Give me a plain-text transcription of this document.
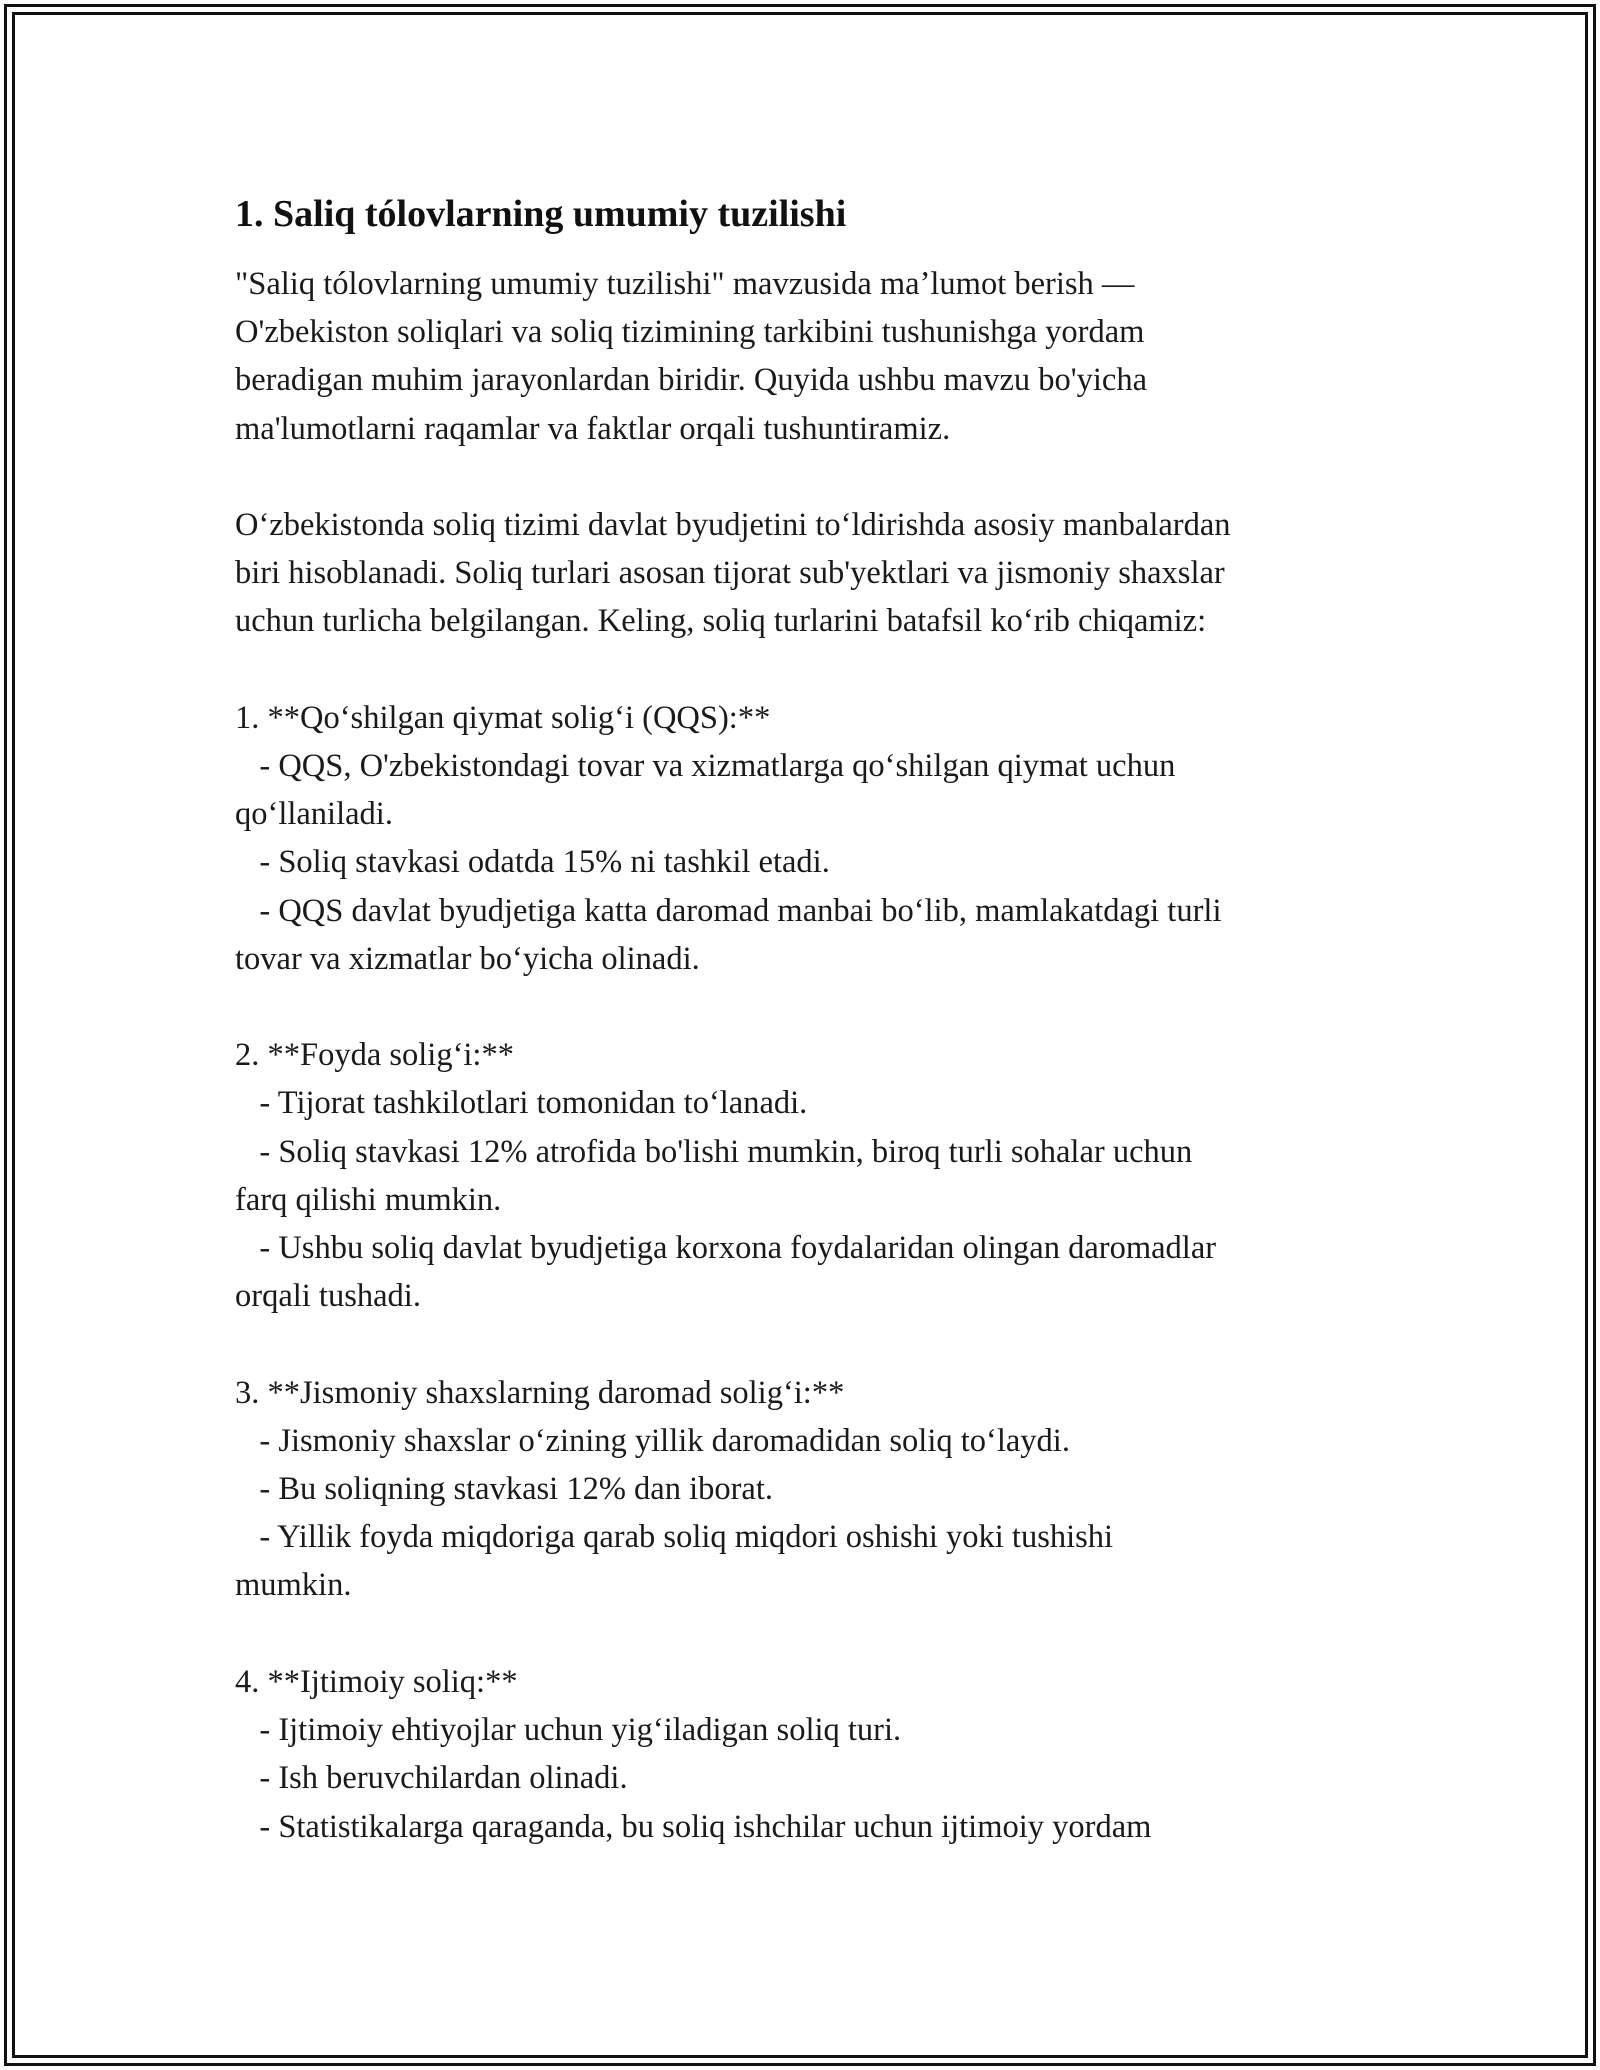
1. Saliq tólovlarning umumiy tuzilishi

"Saliq tólovlarning umumiy tuzilishi" mavzusida maʼlumot berish —
O'zbekiston soliqlari va soliq tizimining tarkibini tushunishga yordam
beradigan muhim jarayonlardan biridir. Quyida ushbu mavzu bo'yicha
ma'lumotlarni raqamlar va faktlar orqali tushuntiramiz.

Oʻzbekistonda soliq tizimi davlat byudjetini toʻldirishda asosiy manbalardan
biri hisoblanadi. Soliq turlari asosan tijorat sub'yektlari va jismoniy shaxslar
uchun turlicha belgilangan. Keling, soliq turlarini batafsil koʻrib chiqamiz:

1. **Qoʻshilgan qiymat soligʻi (QQS):**
- QQS, O'zbekistondagi tovar va xizmatlarga qoʻshilgan qiymat uchun
qoʻllaniladi.
- Soliq stavkasi odatda 15% ni tashkil etadi.
- QQS davlat byudjetiga katta daromad manbai boʻlib, mamlakatdagi turli
tovar va xizmatlar boʻyicha olinadi.

2. **Foyda soligʻi:**
- Tijorat tashkilotlari tomonidan toʻlanadi.
- Soliq stavkasi 12% atrofida bo'lishi mumkin, biroq turli sohalar uchun
farq qilishi mumkin.
- Ushbu soliq davlat byudjetiga korxona foydalaridan olingan daromadlar
orqali tushadi.

3. **Jismoniy shaxslarning daromad soligʻi:**
- Jismoniy shaxslar oʻzining yillik daromadidan soliq toʻlaydi.
- Bu soliqning stavkasi 12% dan iborat.
- Yillik foyda miqdoriga qarab soliq miqdori oshishi yoki tushishi
mumkin.

4. **Ijtimoiy soliq:**
- Ijtimoiy ehtiyojlar uchun yigʻiladigan soliq turi.
- Ish beruvchilardan olinadi.
- Statistikalarga qaraganda, bu soliq ishchilar uchun ijtimoiy yordam
